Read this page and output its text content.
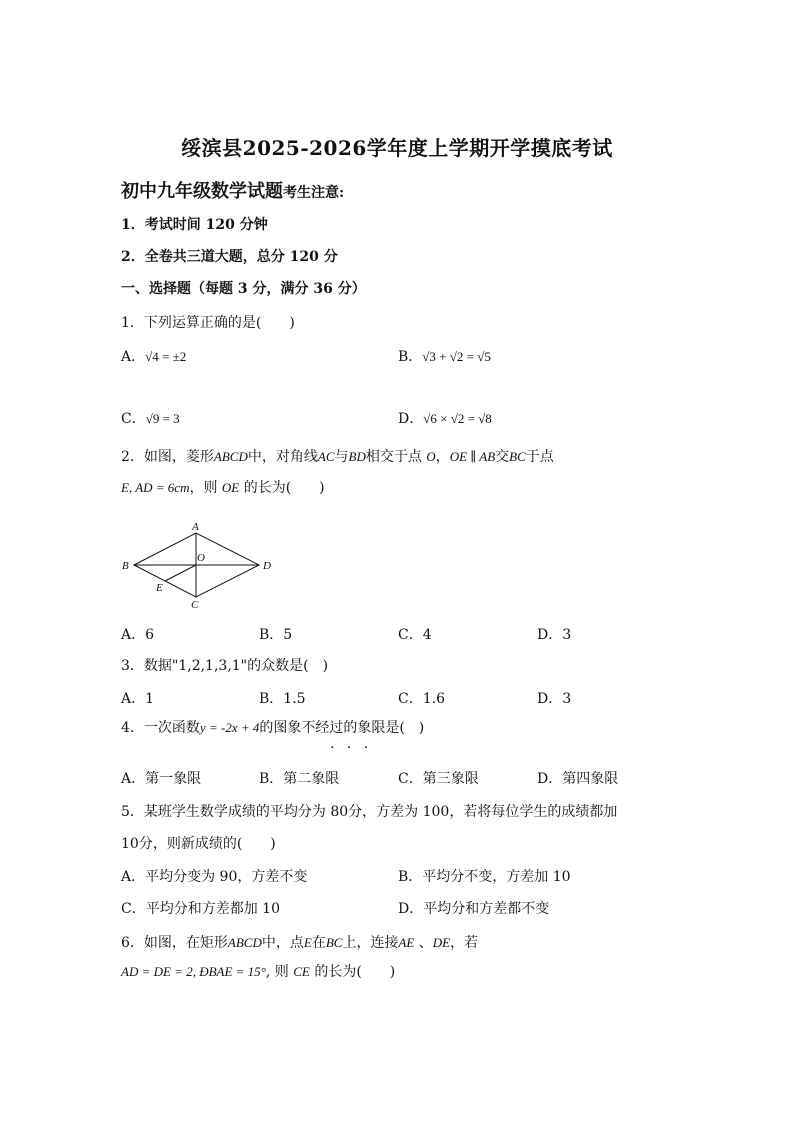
绥滨县2025-2026学年度上学期开学摸底考试
初中九年级数学试题考生注意:
1．考试时间 120 分钟
2．全卷共三道大题，总分 120 分
一、选择题（每题 3 分，满分 36 分）
1．下列运算正确的是(　　)
A．√4 = ±2	B．√3 + √2 = √5
C．√9 = 3	D．√6 × √2 = √8
2．如图，菱形ABCD中，对角线AC与BD相交于点 O，OE ∥ AB交BC于点
E, AD = 6cm，则 OE 的长为(　　)
A
B
C
D
O
E
A．6	B．5	C．4	D．3
3．数据"1,2,1,3,1"的众数是(　)
A．1	B．1.5	C．1.6	D．3
4．一次函数y = -2x + 4的图象不经过的象限是(　)
· · ·
A．第一象限	B．第二象限	C．第三象限	D．第四象限
5．某班学生数学成绩的平均分为 80分，方差为 100，若将每位学生的成绩都加
10分，则新成绩的(　　)
A．平均分变为 90，方差不变	B．平均分不变，方差加 10
C．平均分和方差都加 10	D．平均分和方差都不变
6．如图，在矩形ABCD中，点E在BC上，连接AE 、DE，若
AD = DE = 2, ÐBAE = 15°, 则 CE 的长为(　　)
